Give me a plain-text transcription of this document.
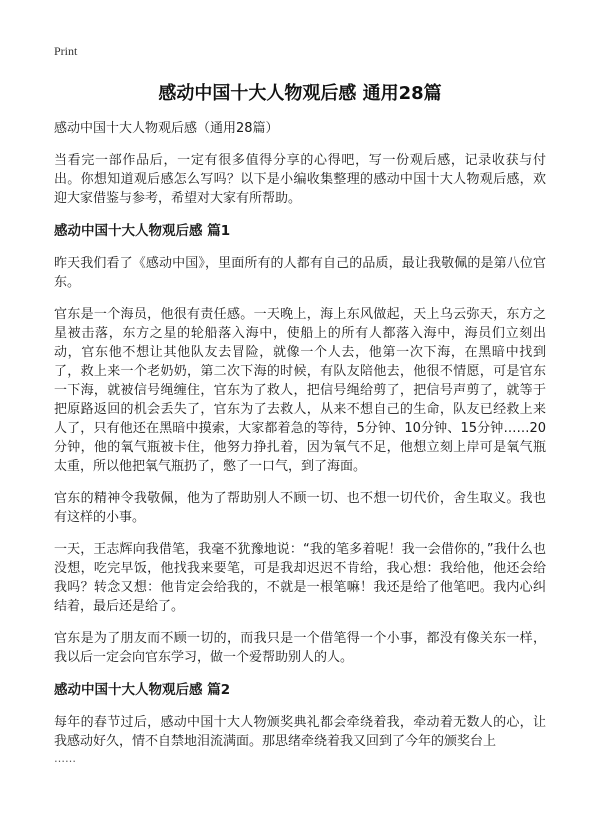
Print
感动中国十大人物观后感 通用28篇
感动中国十大人物观后感（通用28篇）

当看完一部作品后，一定有很多值得分享的心得吧，写一份观后感，记录收获与付出。你想知道观后感怎么写吗？以下是小编收集整理的感动中国十大人物观后感，欢迎大家借鉴与参考，希望对大家有所帮助。

感动中国十大人物观后感 篇1

昨天我们看了《感动中国》，里面所有的人都有自己的品质，最让我敬佩的是第八位官东。

官东是一个海员，他很有责任感。一天晚上，海上东风做起，天上乌云弥天，东方之星被击落，东方之星的轮船落入海中，使船上的所有人都落入海中，海员们立刻出动，官东他不想让其他队友去冒险，就像一个人去，他第一次下海，在黑暗中找到了，救上来一个老奶奶，第二次下海的时候，有队友陪他去，他很不情愿，可是官东一下海，就被信号绳缠住，官东为了救人，把信号绳给剪了，把信号声剪了，就等于把原路返回的机会丢失了，官东为了去救人，从来不想自己的生命，队友已经救上来人了，只有他还在黑暗中摸索，大家都着急的等待，5分钟、10分钟、15分钟……20分钟，他的氧气瓶被卡住，他努力挣扎着，因为氧气不足，他想立刻上岸可是氧气瓶太重，所以他把氧气瓶扔了，憋了一口气，到了海面。

官东的精神令我敬佩，他为了帮助别人不顾一切、也不想一切代价，舍生取义。我也有这样的小事。

一天，王志辉向我借笔，我毫不犹豫地说：“我的笔多着呢！我一会借你的，”我什么也没想，吃完早饭，他找我来要笔，可是我却迟迟不肯给，我心想：我给他，他还会给我吗？转念又想：他肯定会给我的，不就是一根笔嘛！我还是给了他笔吧。我内心纠结着，最后还是给了。

官东是为了朋友而不顾一切的，而我只是一个借笔得一个小事，都没有像关东一样，我以后一定会向官东学习，做一个爱帮助别人的人。

感动中国十大人物观后感 篇2

每年的春节过后，感动中国十大人物颁奖典礼都会牵绕着我，牵动着无数人的心，让我感动好久，情不自禁地泪流满面。那思绪牵绕着我又回到了今年的颁奖台上

……
